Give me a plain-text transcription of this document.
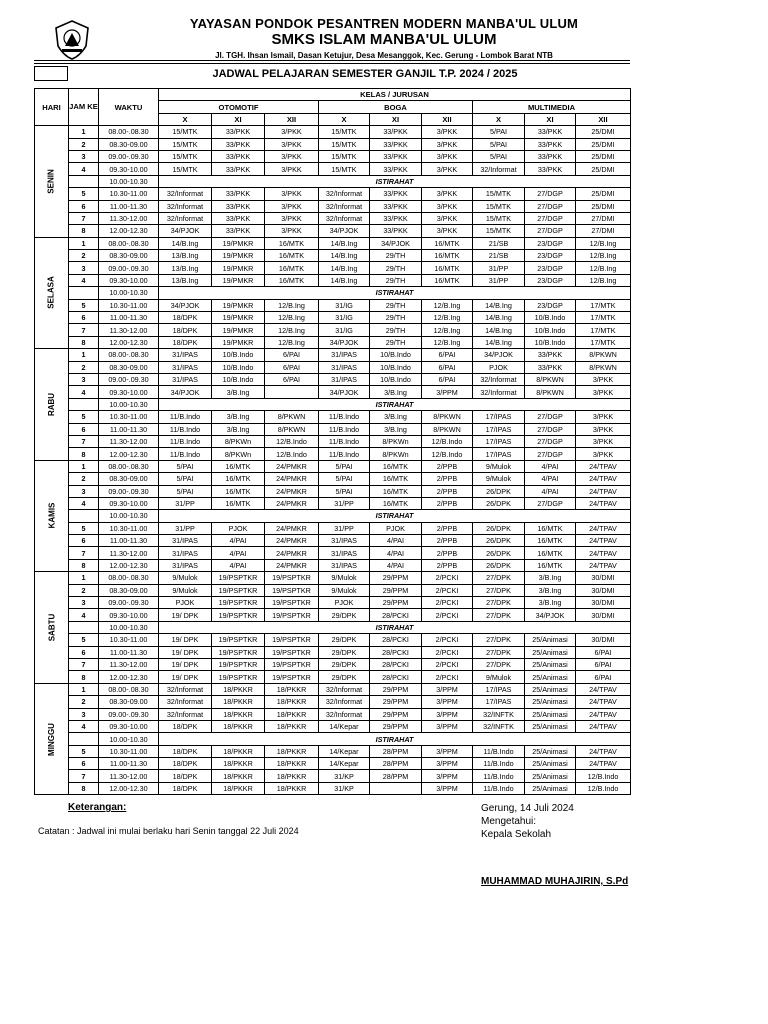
YAYASAN PONDOK PESANTREN MODERN MANBA'UL ULUM
SMKS ISLAM MANBA'UL ULUM
Jl. TGH. Ihsan Ismail, Dasan Ketujur, Desa Mesanggok, Kec. Gerung - Lombok Barat NTB
JADWAL PELAJARAN SEMESTER GANJIL T.P. 2024 / 2025
HARI	JAM KE	WAKTU	KELAS / JURUSAN								
			OTOMOTIF			BOGA			MULTIMEDIA		
			X	XI	XII	X	XI	XII	X	XI	XII
SENIN	1	08.00-.08.30	15/MTK	33/PKK	3/PKK	15/MTK	33/PKK	3/PKK	5/PAI	33/PKK	25/DMI
	2	08.30-09.00	15/MTK	33/PKK	3/PKK	15/MTK	33/PKK	3/PKK	5/PAI	33/PKK	25/DMI
	3	09.00-.09.30	15/MTK	33/PKK	3/PKK	15/MTK	33/PKK	3/PKK	5/PAI	33/PKK	25/DMI
	4	09.30-10.00	15/MTK	33/PKK	3/PKK	15/MTK	33/PKK	3/PKK	32/Informat	33/PKK	25/DMI
		10.00-10.30	ISTIRAHAT								
	5	10.30-11.00	32/Informat	33/PKK	3/PKK	32/Informat	33/PKK	3/PKK	15/MTK	27/DGP	25/DMI
	6	11.00-11.30	32/Informat	33/PKK	3/PKK	32/Informat	33/PKK	3/PKK	15/MTK	27/DGP	25/DMI
	7	11.30-12.00	32/Informat	33/PKK	3/PKK	32/Informat	33/PKK	3/PKK	15/MTK	27/DGP	27/DMI
	8	12.00-12.30	34/PJOK	33/PKK	3/PKK	34/PJOK	33/PKK	3/PKK	15/MTK	27/DGP	27/DMI
SELASA	1	08.00-.08.30	14/B.Ing	19/PMKR	16/MTK	14/B.Ing	34/PJOK	16/MTK	21/SB	23/DGP	12/B.Ing
	2	08.30-09.00	13/B.Ing	19/PMKR	16/MTK	14/B.Ing	29/TH	16/MTK	21/SB	23/DGP	12/B.Ing
	3	09.00-.09.30	13/B.Ing	19/PMKR	16/MTK	14/B.Ing	29/TH	16/MTK	31/PP	23/DGP	12/B.Ing
	4	09.30-10.00	13/B.Ing	19/PMKR	16/MTK	14/B.Ing	29/TH	16/MTK	31/PP	23/DGP	12/B.Ing
		10.00-10.30	ISTIRAHAT								
	5	10.30-11.00	34/PJOK	19/PMKR	12/B.Ing	31/IG	29/TH	12/B.Ing	14/B.Ing	23/DGP	17/MTK
	6	11.00-11.30	18/DPK	19/PMKR	12/B.Ing	31/IG	29/TH	12/B.Ing	14/B.Ing	10/B.Indo	17/MTK
	7	11.30-12.00	18/DPK	19/PMKR	12/B.Ing	31/IG	29/TH	12/B.Ing	14/B.Ing	10/B.Indo	17/MTK
	8	12.00-12.30	18/DPK	19/PMKR	12/B.Ing	34/PJOK	29/TH	12/B.Ing	14/B.Ing	10/B.Indo	17/MTK
RABU	1	08.00-.08.30	31/IPAS	10/B.Indo	6/PAI	31/IPAS	10/B.Indo	6/PAI	34/PJOK	33/PKK	8/PKWN
	2	08.30-09.00	31/IPAS	10/B.Indo	6/PAI	31/IPAS	10/B.Indo	6/PAI	PJOK	33/PKK	8/PKWN
	3	09.00-.09.30	31/IPAS	10/B.Indo	6/PAI	31/IPAS	10/B.Indo	6/PAI	32/Informat	8/PKWN	3/PKK
	4	09.30-10.00	34/PJOK	3/B.Ing		34/PJOK	3/B.Ing	3/PPM	32/Informat	8/PKWN	3/PKK
		10.00-10.30	ISTIRAHAT								
	5	10.30-11.00	11/B.Indo	3/B.Ing	8/PKWN	11/B.Indo	3/B.Ing	8/PKWN	17/IPAS	27/DGP	3/PKK
	6	11.00-11.30	11/B.Indo	3/B.Ing	8/PKWN	11/B.Indo	3/B.Ing	8/PKWN	17/IPAS	27/DGP	3/PKK
	7	11.30-12.00	11/B.Indo	8/PKWn	12/B.Indo	11/B.Indo	8/PKWn	12/B.Indo	17/IPAS	27/DGP	3/PKK
	8	12.00-12.30	11/B.Indo	8/PKWn	12/B.Indo	11/B.Indo	8/PKWn	12/B.Indo	17/IPAS	27/DGP	3/PKK
KAMIS	1	08.00-.08.30	5/PAI	16/MTK	24/PMKR	5/PAI	16/MTK	2/PPB	9/Mulok	4/PAI	24/TPAV
	2	08.30-09.00	5/PAI	16/MTK	24/PMKR	5/PAI	16/MTK	2/PPB	9/Mulok	4/PAI	24/TPAV
	3	09.00-.09.30	5/PAI	16/MTK	24/PMKR	5/PAI	16/MTK	2/PPB	26/DPK	4/PAI	24/TPAV
	4	09.30-10.00	31/PP	16/MTK	24/PMKR	31/PP	16/MTK	2/PPB	26/DPK	27/DGP	24/TPAV
		10.00-10.30	ISTIRAHAT								
	5	10.30-11.00	31/PP	PJOK	24/PMKR	31/PP	PJOK	2/PPB	26/DPK	16/MTK	24/TPAV
	6	11.00-11.30	31/IPAS	4/PAI	24/PMKR	31/IPAS	4/PAI	2/PPB	26/DPK	16/MTK	24/TPAV
	7	11.30-12.00	31/IPAS	4/PAI	24/PMKR	31/IPAS	4/PAI	2/PPB	26/DPK	16/MTK	24/TPAV
	8	12.00-12.30	31/IPAS	4/PAI	24/PMKR	31/IPAS	4/PAI	2/PPB	26/DPK	16/MTK	24/TPAV
SABTU	1	08.00-.08.30	9/Mulok	19/PSPTKR	19/PSPTKR	9/Mulok	29/PPM	2/PCKI	27/DPK	3/B.Ing	30/DMI
	2	08.30-09.00	9/Mulok	19/PSPTKR	19/PSPTKR	9/Mulok	29/PPM	2/PCKI	27/DPK	3/B.Ing	30/DMI
	3	09.00-.09.30	PJOK	19/PSPTKR	19/PSPTKR	PJOK	29/PPM	2/PCKI	27/DPK	3/B.Ing	30/DMI
	4	09.30-10.00	19/ DPK	19/PSPTKR	19/PSPTKR	29/DPK	28/PCKI	2/PCKI	27/DPK	34/PJOK	30/DMI
		10.00-10.30	ISTIRAHAT								
	5	10.30-11.00	19/ DPK	19/PSPTKR	19/PSPTKR	29/DPK	28/PCKI	2/PCKI	27/DPK	25/Animasi	30/DMI
	6	11.00-11.30	19/ DPK	19/PSPTKR	19/PSPTKR	29/DPK	28/PCKI	2/PCKI	27/DPK	25/Animasi	6/PAI
	7	11.30-12.00	19/ DPK	19/PSPTKR	19/PSPTKR	29/DPK	28/PCKI	2/PCKI	27/DPK	25/Animasi	6/PAI
	8	12.00-12.30	19/ DPK	19/PSPTKR	19/PSPTKR	29/DPK	28/PCKI	2/PCKI	9/Mulok	25/Animasi	6/PAI
MINGGU	1	08.00-.08.30	32/Informat	18/PKKR	18/PKKR	32/Informat	29/PPM	3/PPM	17/IPAS	25/Animasi	24/TPAV
	2	08.30-09.00	32/Informat	18/PKKR	18/PKKR	32/Informat	29/PPM	3/PPM	17/IPAS	25/Animasi	24/TPAV
	3	09.00-.09.30	32/Informat	18/PKKR	18/PKKR	32/Informat	29/PPM	3/PPM	32/INFTK	25/Animasi	24/TPAV
	4	09.30-10.00	18/DPK	18/PKKR	18/PKKR	14/Kepar	29/PPM	3/PPM	32/INFTK	25/Animasi	24/TPAV
		10.00-10.30	ISTIRAHAT								
	5	10.30-11.00	18/DPK	18/PKKR	18/PKKR	14/Kepar	28/PPM	3/PPM	11/B.Indo	25/Animasi	24/TPAV
	6	11.00-11.30	18/DPK	18/PKKR	18/PKKR	14/Kepar	28/PPM	3/PPM	11/B.Indo	25/Animasi	24/TPAV
	7	11.30-12.00	18/DPK	18/PKKR	18/PKKR	31/KP	28/PPM	3/PPM	11/B.Indo	25/Animasi	12/B.Indo
	8	12.00-12.30	18/DPK	18/PKKR	18/PKKR	31/KP		3/PPM	11/B.Indo	25/Animasi	12/B.Indo
Keterangan:
Catatan : Jadwal ini mulai berlaku hari Senin tanggal 22 Juli 2024
Gerung, 14 Juli 2024
Mengetahui:
Kepala Sekolah
MUHAMMAD MUHAJIRIN, S.Pd
